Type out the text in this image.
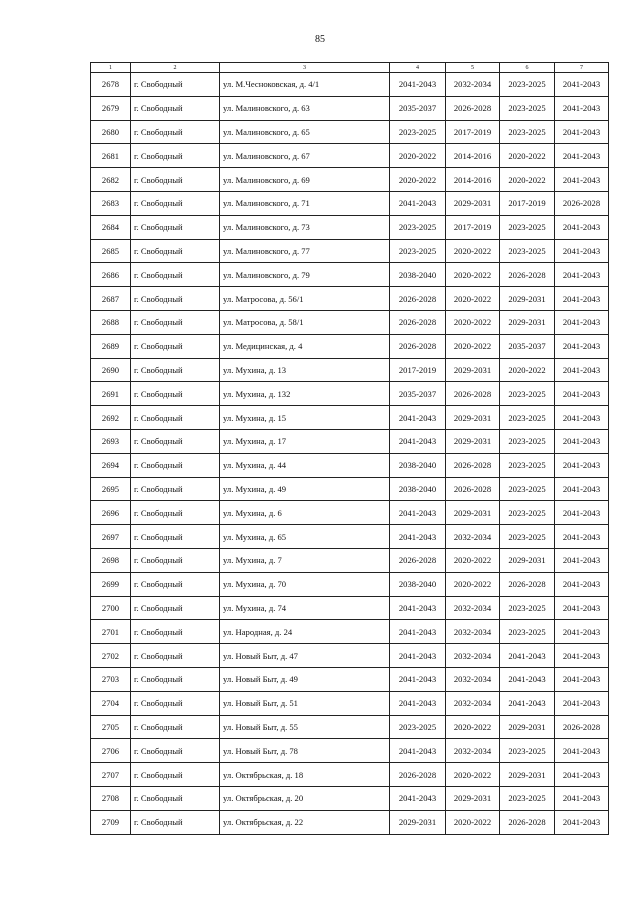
85
1	2	3	4	5	6	7
2678	г. Свободный	ул. М.Чесноковская, д. 4/1	2041-2043	2032-2034	2023-2025	2041-2043
2679	г. Свободный	ул. Малиновского, д. 63	2035-2037	2026-2028	2023-2025	2041-2043
2680	г. Свободный	ул. Малиновского, д. 65	2023-2025	2017-2019	2023-2025	2041-2043
2681	г. Свободный	ул. Малиновского, д. 67	2020-2022	2014-2016	2020-2022	2041-2043
2682	г. Свободный	ул. Малиновского, д. 69	2020-2022	2014-2016	2020-2022	2041-2043
2683	г. Свободный	ул. Малиновского, д. 71	2041-2043	2029-2031	2017-2019	2026-2028
2684	г. Свободный	ул. Малиновского, д. 73	2023-2025	2017-2019	2023-2025	2041-2043
2685	г. Свободный	ул. Малиновского, д. 77	2023-2025	2020-2022	2023-2025	2041-2043
2686	г. Свободный	ул. Малиновского, д. 79	2038-2040	2020-2022	2026-2028	2041-2043
2687	г. Свободный	ул. Матросова, д. 56/1	2026-2028	2020-2022	2029-2031	2041-2043
2688	г. Свободный	ул. Матросова, д. 58/1	2026-2028	2020-2022	2029-2031	2041-2043
2689	г. Свободный	ул. Медицинская, д. 4	2026-2028	2020-2022	2035-2037	2041-2043
2690	г. Свободный	ул. Мухина, д. 13	2017-2019	2029-2031	2020-2022	2041-2043
2691	г. Свободный	ул. Мухина, д. 132	2035-2037	2026-2028	2023-2025	2041-2043
2692	г. Свободный	ул. Мухина, д. 15	2041-2043	2029-2031	2023-2025	2041-2043
2693	г. Свободный	ул. Мухина, д. 17	2041-2043	2029-2031	2023-2025	2041-2043
2694	г. Свободный	ул. Мухина, д. 44	2038-2040	2026-2028	2023-2025	2041-2043
2695	г. Свободный	ул. Мухина, д. 49	2038-2040	2026-2028	2023-2025	2041-2043
2696	г. Свободный	ул. Мухина, д. 6	2041-2043	2029-2031	2023-2025	2041-2043
2697	г. Свободный	ул. Мухина, д. 65	2041-2043	2032-2034	2023-2025	2041-2043
2698	г. Свободный	ул. Мухина, д. 7	2026-2028	2020-2022	2029-2031	2041-2043
2699	г. Свободный	ул. Мухина, д. 70	2038-2040	2020-2022	2026-2028	2041-2043
2700	г. Свободный	ул. Мухина, д. 74	2041-2043	2032-2034	2023-2025	2041-2043
2701	г. Свободный	ул. Народная, д. 24	2041-2043	2032-2034	2023-2025	2041-2043
2702	г. Свободный	ул. Новый Быт, д. 47	2041-2043	2032-2034	2041-2043	2041-2043
2703	г. Свободный	ул. Новый Быт, д. 49	2041-2043	2032-2034	2041-2043	2041-2043
2704	г. Свободный	ул. Новый Быт, д. 51	2041-2043	2032-2034	2041-2043	2041-2043
2705	г. Свободный	ул. Новый Быт, д. 55	2023-2025	2020-2022	2029-2031	2026-2028
2706	г. Свободный	ул. Новый Быт, д. 78	2041-2043	2032-2034	2023-2025	2041-2043
2707	г. Свободный	ул. Октябрьская, д. 18	2026-2028	2020-2022	2029-2031	2041-2043
2708	г. Свободный	ул. Октябрьская, д. 20	2041-2043	2029-2031	2023-2025	2041-2043
2709	г. Свободный	ул. Октябрьская, д. 22	2029-2031	2020-2022	2026-2028	2041-2043
